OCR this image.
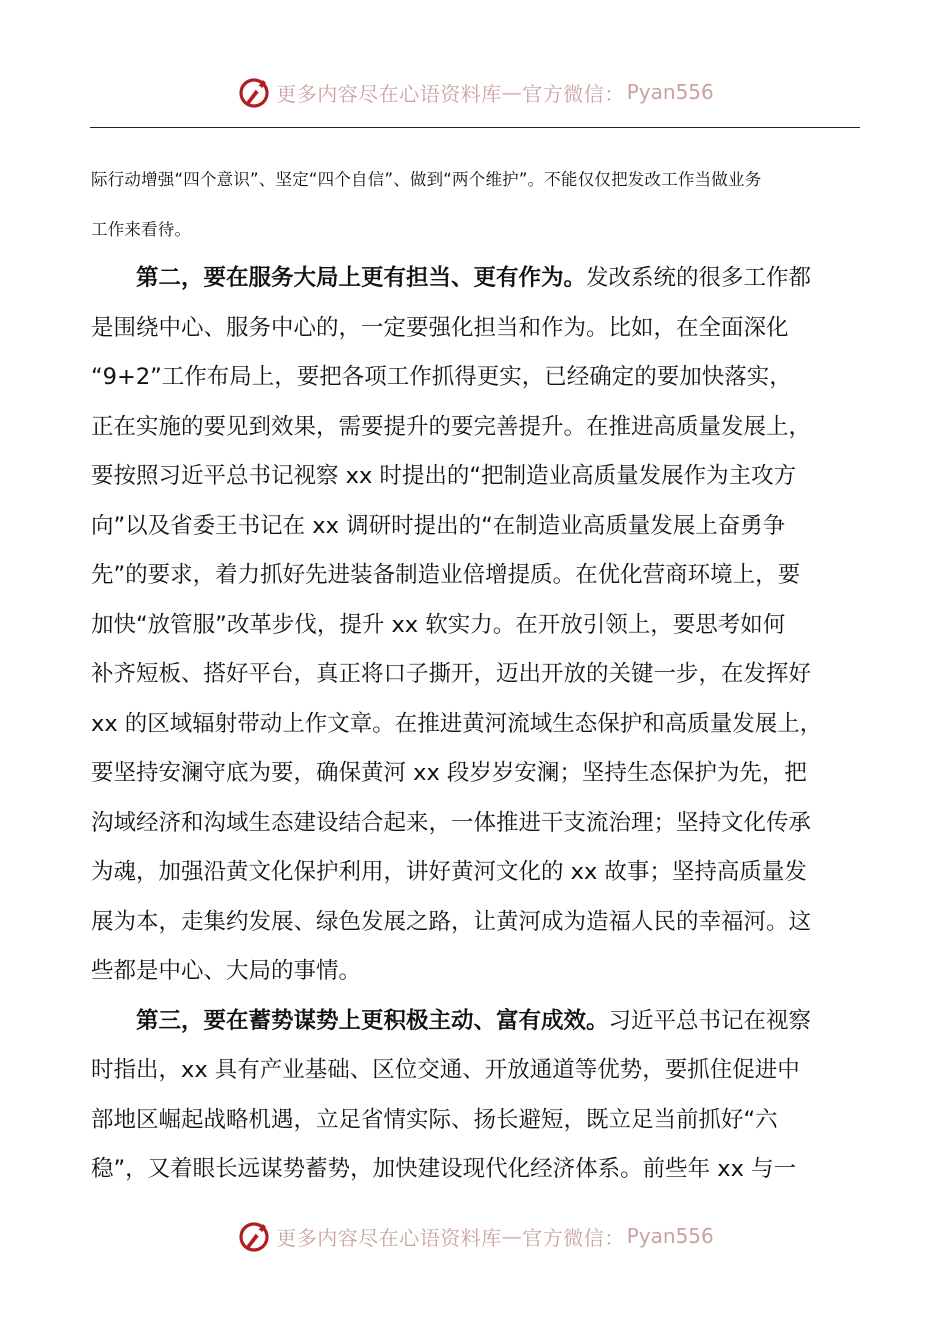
更多内容尽在心语资料库 — 官方微信： Pyan556

际行动增强“四个意识”、坚定“四个自信”、做到“两个维护”。不能仅仅把发改工作当做业务

工作来看待。

第二，要在服务大局上更有担当、更有作为。发改系统的很多工作都
是围绕中心、服务中心的，一定要强化担当和作为。比如，在全面深化
“9+2”工作布局上，要把各项工作抓得更实，已经确定的要加快落实，
正在实施的要见到效果，需要提升的要完善提升。在推进高质量发展上，
要按照习近平总书记视察 xx 时提出的“把制造业高质量发展作为主攻方
向”以及省委王书记在 xx 调研时提出的“在制造业高质量发展上奋勇争
先”的要求，着力抓好先进装备制造业倍增提质。在优化营商环境上，要
加快“放管服”改革步伐，提升 xx 软实力。在开放引领上，要思考如何
补齐短板、搭好平台，真正将口子撕开，迈出开放的关键一步，在发挥好
xx 的区域辐射带动上作文章。在推进黄河流域生态保护和高质量发展上，
要坚持安澜守底为要，确保黄河 xx 段岁岁安澜；坚持生态保护为先，把
沟域经济和沟域生态建设结合起来，一体推进干支流治理；坚持文化传承
为魂，加强沿黄文化保护利用，讲好黄河文化的 xx 故事；坚持高质量发
展为本，走集约发展、绿色发展之路，让黄河成为造福人民的幸福河。这
些都是中心、大局的事情。

第三，要在蓄势谋势上更积极主动、富有成效。习近平总书记在视察
时指出，xx 具有产业基础、区位交通、开放通道等优势，要抓住促进中
部地区崛起战略机遇，立足省情实际、扬长避短，既立足当前抓好“六
稳”，又着眼长远谋势蓄势，加快建设现代化经济体系。前些年 xx 与一

更多内容尽在心语资料库 — 官方微信： Pyan556
